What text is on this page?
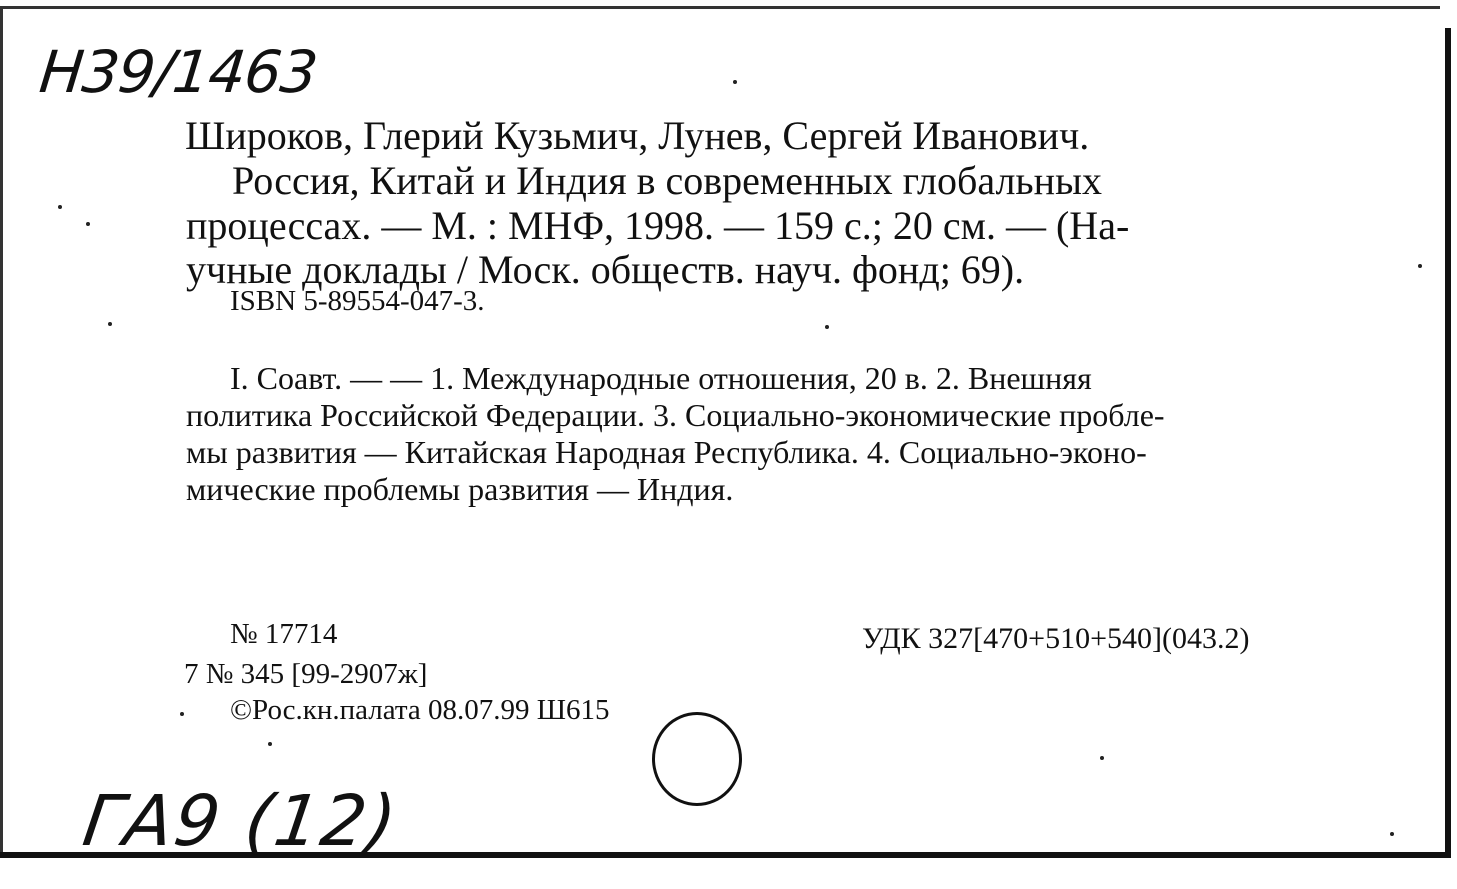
Н39/1463
Широков, Глерий Кузьмич, Лунев, Сергей Иванович.
Россия, Китай и Индия в современных глобальных
процессах. — М. : МНФ, 1998. — 159 с.; 20 см. — (На-
учные доклады / Моск. обществ. науч. фонд; 69).
ISBN 5-89554-047-3.
I. Соавт. — — 1. Международные отношения, 20 в. 2. Внешняя
политика Российской Федерации. 3. Социально-экономические пробле-
мы развития — Китайская Народная Республика. 4. Социально-эконо-
мические проблемы развития — Индия.
№ 17714
7 № 345 [99-2907ж]
©Рос.кн.палата 08.07.99 Ш615
УДК 327[470+510+540](043.2)
ГА9 (12)
